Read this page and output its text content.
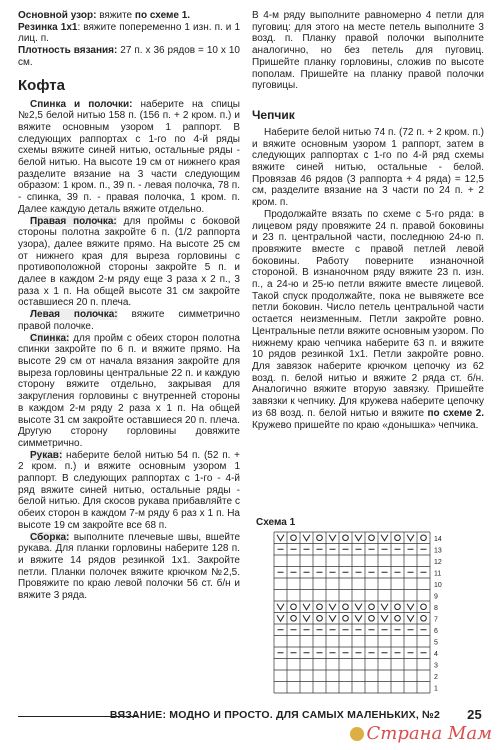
Основной узор: вяжите по схеме 1.

Резинка 1x1: вяжите попеременно 1 изн. п. и 1 лиц. п.

Плотность вязания: 27 п. х 36 рядов = 10 х 10 см.

Кофта

Спинка и полочки: наберите на спицы №2,5 белой нитью 158 п. (156 п. + 2 кром. п.) и вяжите основным узором 1 раппорт. В следующих раппортах с 1-го по 4-й ряды схемы вяжите синей нитью, остальные ряды - белой нитью. На высоте 19 см от нижнего края разделите вязание на 3 части следующим образом: 1 кром. п., 39 п. - левая полочка, 78 п. - спинка, 39 п. - правая полочка, 1 кром. п. Далее каждую деталь вяжите отдельно.

Правая полочка: для проймы с боковой стороны полотна закройте 6 п. (1/2 раппорта узора), далее вяжите прямо. На высоте 25 см от нижнего края для выреза горловины с противоположной стороны закройте 5 п. и далее в каждом 2-м ряду еще 3 раза х 2 п., 3 раза х 1 п. На общей высоте 31 см закройте оставшиеся 20 п. плеча.

Левая полочка: вяжите симметрично правой полочке.

Спинка: для пройм с обеих сторон полотна спинки закройте по 6 п. и вяжите прямо. На высоте 29 см от начала вязания закройте для выреза горловины центральные 22 п. и каждую сторону вяжите отдельно, закрывая для закругления горловины с внутренней стороны в каждом 2-м ряду 2 раза х 1 п. На общей высоте 31 см закройте оставшиеся 20 п. плеча. Другую сторону горловины довяжите симметрично.

Рукав: наберите белой нитью 54 п. (52 п. + 2 кром. п.) и вяжите основным узором 1 раппорт. В следующих раппортах с 1-го - 4-й ряд вяжите синей нитью, остальные ряды - белой нитью. Для скосов рукава прибавляйте с обеих сторон в каждом 7-м ряду 6 раз х 1 п. На высоте 19 см закройте все 68 п.

Сборка: выполните плечевые швы, вшейте рукава. Для планки горловины наберите 128 п. и вяжите 14 рядов резинкой 1x1. Закройте петли. Планки полочек вяжите крючком №2,5. Провяжите по краю левой полочки 56 ст. б/н и вяжите 3 ряда.

В 4-м ряду выполните равномерно 4 петли для пуговиц: для этого на месте петель выполните 3 возд. п. Планку правой полочки выполните аналогично, но без петель для пуговиц. Пришейте планку горловины, сложив по высоте пополам. Пришейте на планку правой полочки пуговицы.

Чепчик

Наберите белой нитью 74 п. (72 п. + 2 кром. п.) и вяжите основным узором 1 раппорт, затем в следующих раппортах с 1-го по 4-й ряд схемы вяжите синей нитью, остальные - белой. Провязав 46 рядов (3 раппорта + 4 ряда) = 12,5 см, разделите вязание на 3 части по 24 п. + 2 кром. п.

Продолжайте вязать по схеме с 5-го ряда: в лицевом ряду провяжите 24 п. правой боковины и 23 п. центральной части, последнюю 24-ю п. провяжите вместе с правой петлей левой боковины. Работу поверните изнаночной стороной. В изнаночном ряду вяжите 23 п. изн. п., а 24-ю и 25-ю петли вяжите вместе лицевой. Такой спуск продолжайте, пока не вывяжете все петли боковин. Число петель центральной части остается неизменным. Петли закройте ровно. Центральные петли вяжите основным узором. По нижнему краю чепчика наберите 63 п. и вяжите 10 рядов резинкой 1x1. Петли закройте ровно. Для завязок наберите крючком цепочку из 62 возд. п. белой нитью и вяжите 2 ряда ст. б/н. Аналогично вяжите вторую завязку. Пришейте завязки к чепчику. Для кружева наберите цепочку из 68 возд. п. белой нитью и вяжите по схеме 2. Кружево пришейте по краю «донышка» чепчика.

Схема 1
14
13
12
11
10
9
8
7
6
5
4
3
2
1
ВЯЗАНИЕ: МОДНО И ПРОСТО. ДЛЯ САМЫХ МАЛЕНЬКИХ, №2 25
Страна Мам
